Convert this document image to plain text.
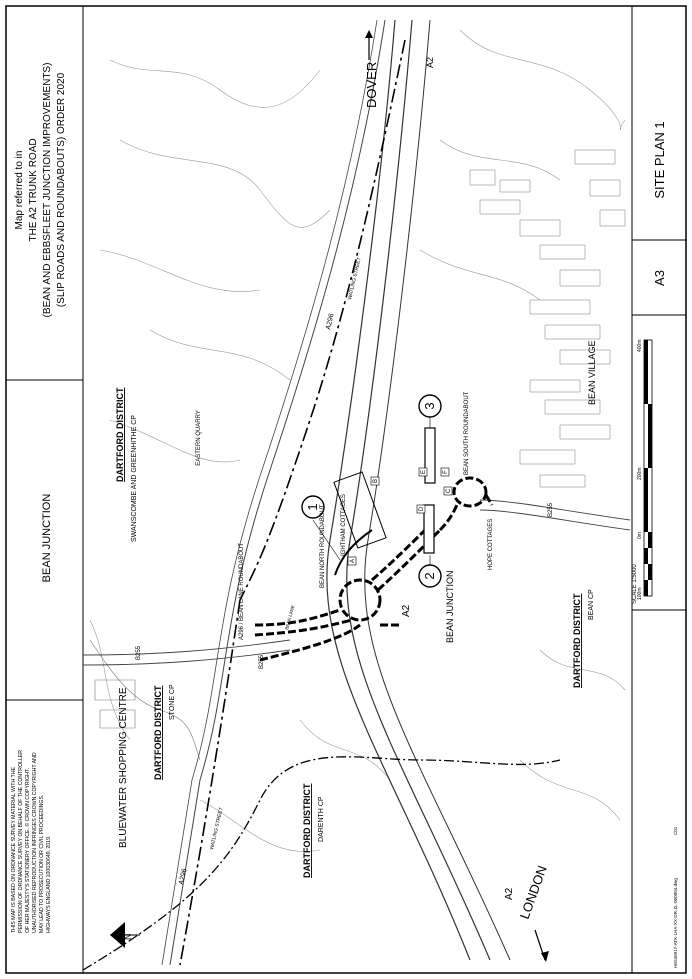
THIS MAP IS BASED ON ORDNANCE SURVEY MATERIAL WITH THE PERMISSION OF ORDNANCE SURVEY ON BEHALF OF THE CONTROLLER OF HER MAJESTY'S STATIONERY OFFICE. © CROWN COPYRIGHT. UNAUTHORISED REPRODUCTION INFRINGES CROWN COPYRIGHT AND MAY LEAD TO PROSECUTION OR CIVIL PROCEEDINGS. HIGHWAYS ENGLAND 100030649, 2019.
BEAN JUNCTION
Map referred to in THE A2 TRUNK ROAD (BEAN AND EBBSFLEET JUNCTION IMPROVEMENTS) (SLIP ROADS AND ROUNDABOUTS) ORDER 2020	SITE PLAN 1
A3
400m
200m
0m
100m
SCALE 1:5000
HE548917-ATK-LHA-XX-DR-ZL-000004.dwg
C01
1
2
3
A
B
C
D
E	F
DOVER
LONDON
N
A2
A2
A2
A296
WATLING STREET
A296
WATLING STREET
DARTFORD DISTRICT SWANSCOMBE AND GREENHITHE CP	EASTERN QUARRY
DARTFORD DISTRICT STONE CP
BLUEWATER SHOPPING CENTRE	DARTFORD DISTRICT DARENTH CP
DARTFORD DISTRICT BEAN CP
BEAN VILLAGE
IGHTHAM COTTAGES
BEAN NORTH ROUNDABOUT
BEAN SOUTH ROUNDABOUT
A296 / BEAN LANE ROUNDABOUT	BEAN LANE	BEAN JUNCTION
HOPE COTTAGES
B255
B255
B255
